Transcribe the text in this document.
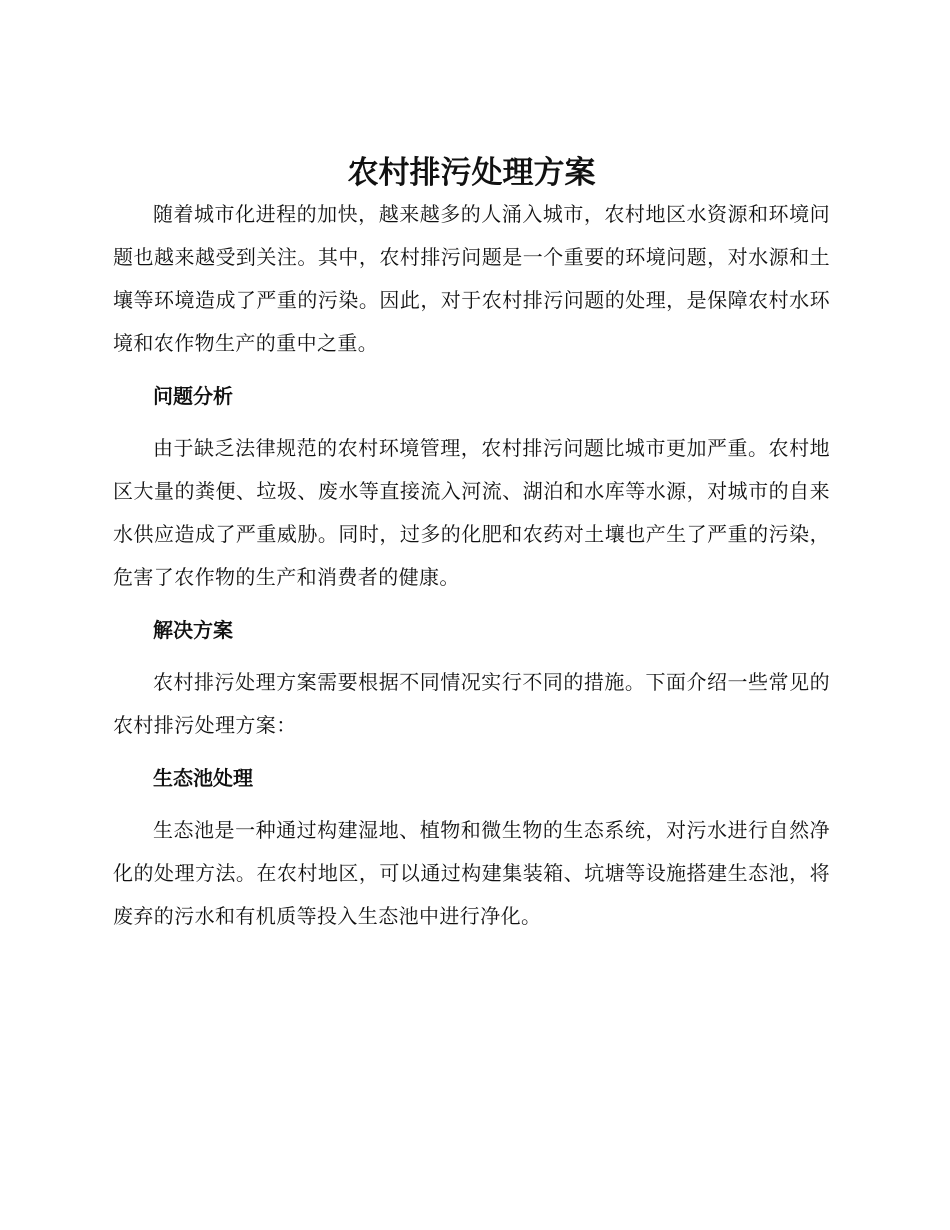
农村排污处理方案

随着城市化进程的加快，越来越多的人涌入城市，农村地区水资源和环境问题也越来越受到关注。其中，农村排污问题是一个重要的环境问题，对水源和土壤等环境造成了严重的污染。因此，对于农村排污问题的处理，是保障农村水环境和农作物生产的重中之重。

问题分析

由于缺乏法律规范的农村环境管理，农村排污问题比城市更加严重。农村地区大量的粪便、垃圾、废水等直接流入河流、湖泊和水库等水源，对城市的自来水供应造成了严重威胁。同时，过多的化肥和农药对土壤也产生了严重的污染，危害了农作物的生产和消费者的健康。

解决方案

农村排污处理方案需要根据不同情况实行不同的措施。下面介绍一些常见的农村排污处理方案：

生态池处理

生态池是一种通过构建湿地、植物和微生物的生态系统，对污水进行自然净化的处理方法。在农村地区，可以通过构建集装箱、坑塘等设施搭建生态池，将废弃的污水和有机质等投入生态池中进行净化。
